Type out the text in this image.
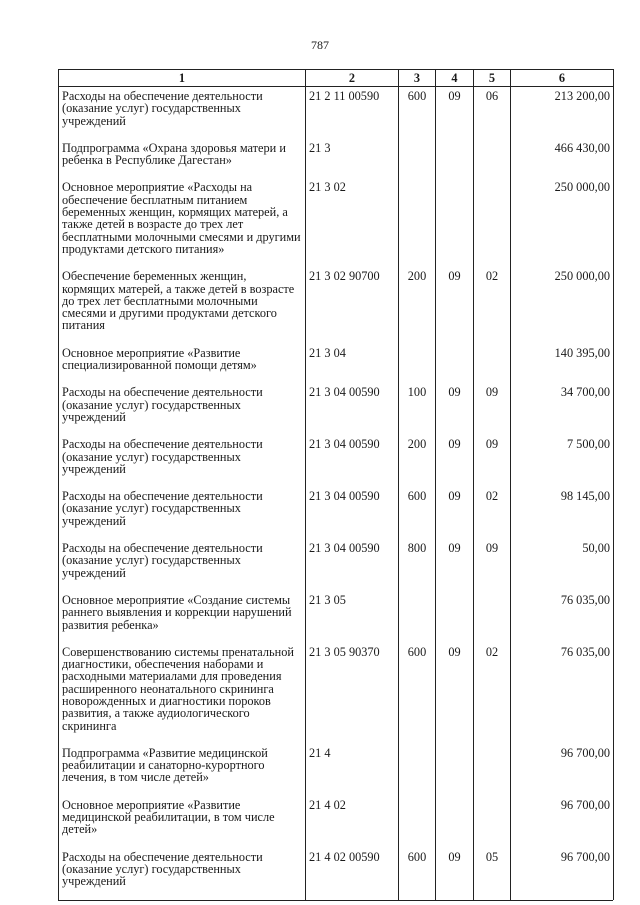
787
1	2	3	4	5	6
Расходы на обеспечение деятельности (оказание услуг) государственных учреждений	21 2 11 00590	600	09	06	213 200,00
Подпрограмма «Охрана здоровья матери и ребенка в Республике Дагестан»	21 3				466 430,00
Основное мероприятие «Расходы на обеспечение бесплатным питанием беременных женщин, кормящих матерей, а также детей в возрасте до трех лет бесплатными молочными смесями и другими продуктами детского питания»	21 3 02				250 000,00
Обеспечение беременных женщин, кормящих матерей, а также детей в возрасте до трех лет бесплатными молочными смесями и другими продуктами детского питания	21 3 02 90700	200	09	02	250 000,00
Основное мероприятие «Развитие специализированной помощи детям»	21 3 04				140 395,00
Расходы на обеспечение деятельности (оказание услуг) государственных учреждений	21 3 04 00590	100	09	09	34 700,00
Расходы на обеспечение деятельности (оказание услуг) государственных учреждений	21 3 04 00590	200	09	09	7 500,00
Расходы на обеспечение деятельности (оказание услуг) государственных учреждений	21 3 04 00590	600	09	02	98 145,00
Расходы на обеспечение деятельности (оказание услуг) государственных учреждений	21 3 04 00590	800	09	09	50,00
Основное мероприятие «Создание системы раннего выявления и коррекции нарушений развития ребенка»	21 3 05				76 035,00
Совершенствованию системы пренатальной диагностики, обеспечения наборами и расходными материалами для проведения расширенного неонатального скрининга новорожденных и диагностики пороков развития, а также аудиологического скрининга	21 3 05 90370	600	09	02	76 035,00
Подпрограмма «Развитие медицинской реабилитации и санаторно-курортного лечения, в том числе детей»	21 4				96 700,00
Основное мероприятие «Развитие медицинской реабилитации, в том числе детей»	21 4 02				96 700,00
Расходы на обеспечение деятельности (оказание услуг) государственных учреждений	21 4 02 00590	600	09	05	96 700,00
